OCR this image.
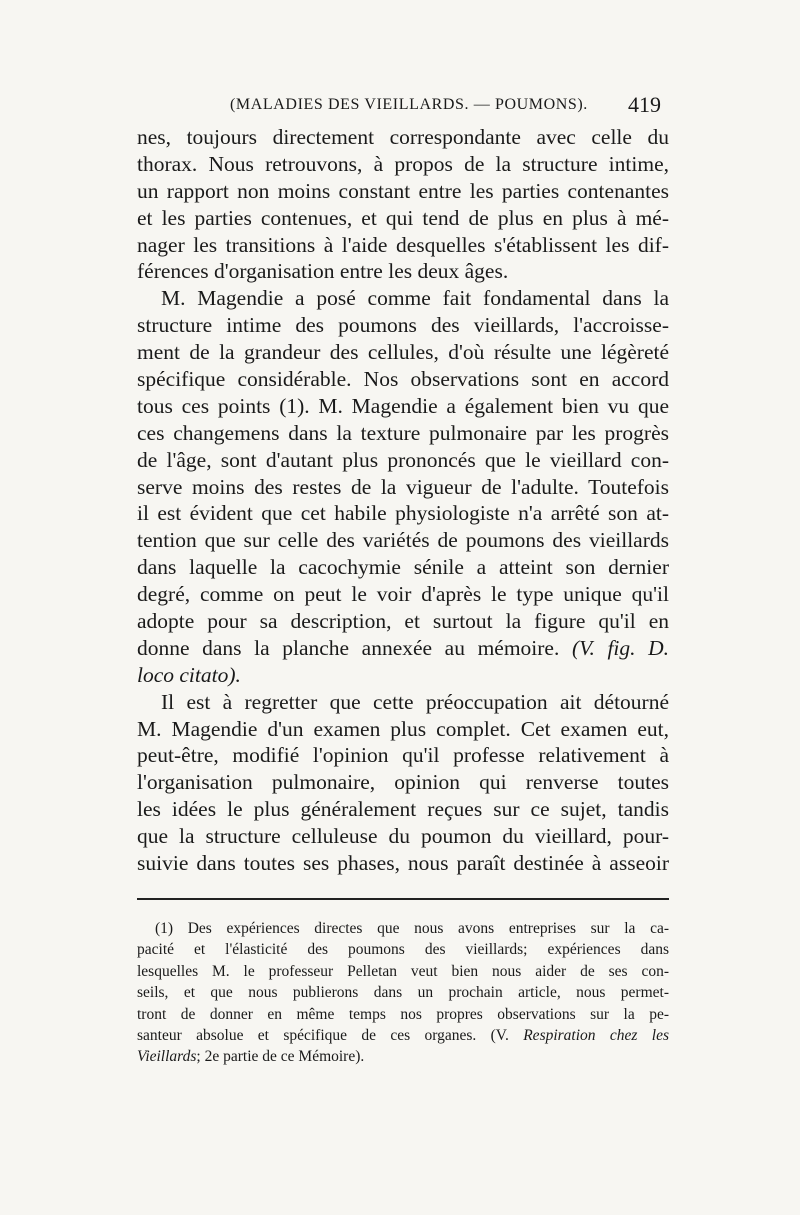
(MALADIES DES VIEILLARDS. — POUMONS). 419
nes, toujours directement correspondante avec celle du
thorax. Nous retrouvons, à propos de la structure intime,
un rapport non moins constant entre les parties contenantes
et les parties contenues, et qui tend de plus en plus à mé-
nager les transitions à l'aide desquelles s'établissent les dif-
férences d'organisation entre les deux âges.
M. Magendie a posé comme fait fondamental dans la
structure intime des poumons des vieillards, l'accroisse-
ment de la grandeur des cellules, d'où résulte une légèreté
spécifique considérable. Nos observations sont en accord
tous ces points (1). M. Magendie a également bien vu que
ces changemens dans la texture pulmonaire par les progrès
de l'âge, sont d'autant plus prononcés que le vieillard con-
serve moins des restes de la vigueur de l'adulte. Toutefois
il est évident que cet habile physiologiste n'a arrêté son at-
tention que sur celle des variétés de poumons des vieillards
dans laquelle la cacochymie sénile a atteint son dernier
degré, comme on peut le voir d'après le type unique qu'il
adopte pour sa description, et surtout la figure qu'il en
donne dans la planche annexée au mémoire. (V. fig. D.
loco citato).
Il est à regretter que cette préoccupation ait détourné
M. Magendie d'un examen plus complet. Cet examen eut,
peut-être, modifié l'opinion qu'il professe relativement à
l'organisation pulmonaire, opinion qui renverse toutes
les idées le plus généralement reçues sur ce sujet, tandis
que la structure celluleuse du poumon du vieillard, pour-
suivie dans toutes ses phases, nous paraît destinée à asseoir
(1) Des expériences directes que nous avons entreprises sur la ca-
pacité et l'élasticité des poumons des vieillards; expériences dans
lesquelles M. le professeur Pelletan veut bien nous aider de ses con-
seils, et que nous publierons dans un prochain article, nous permet-
tront de donner en même temps nos propres observations sur la pe-
santeur absolue et spécifique de ces organes. (V. Respiration chez les
Vieillards; 2e partie de ce Mémoire).
